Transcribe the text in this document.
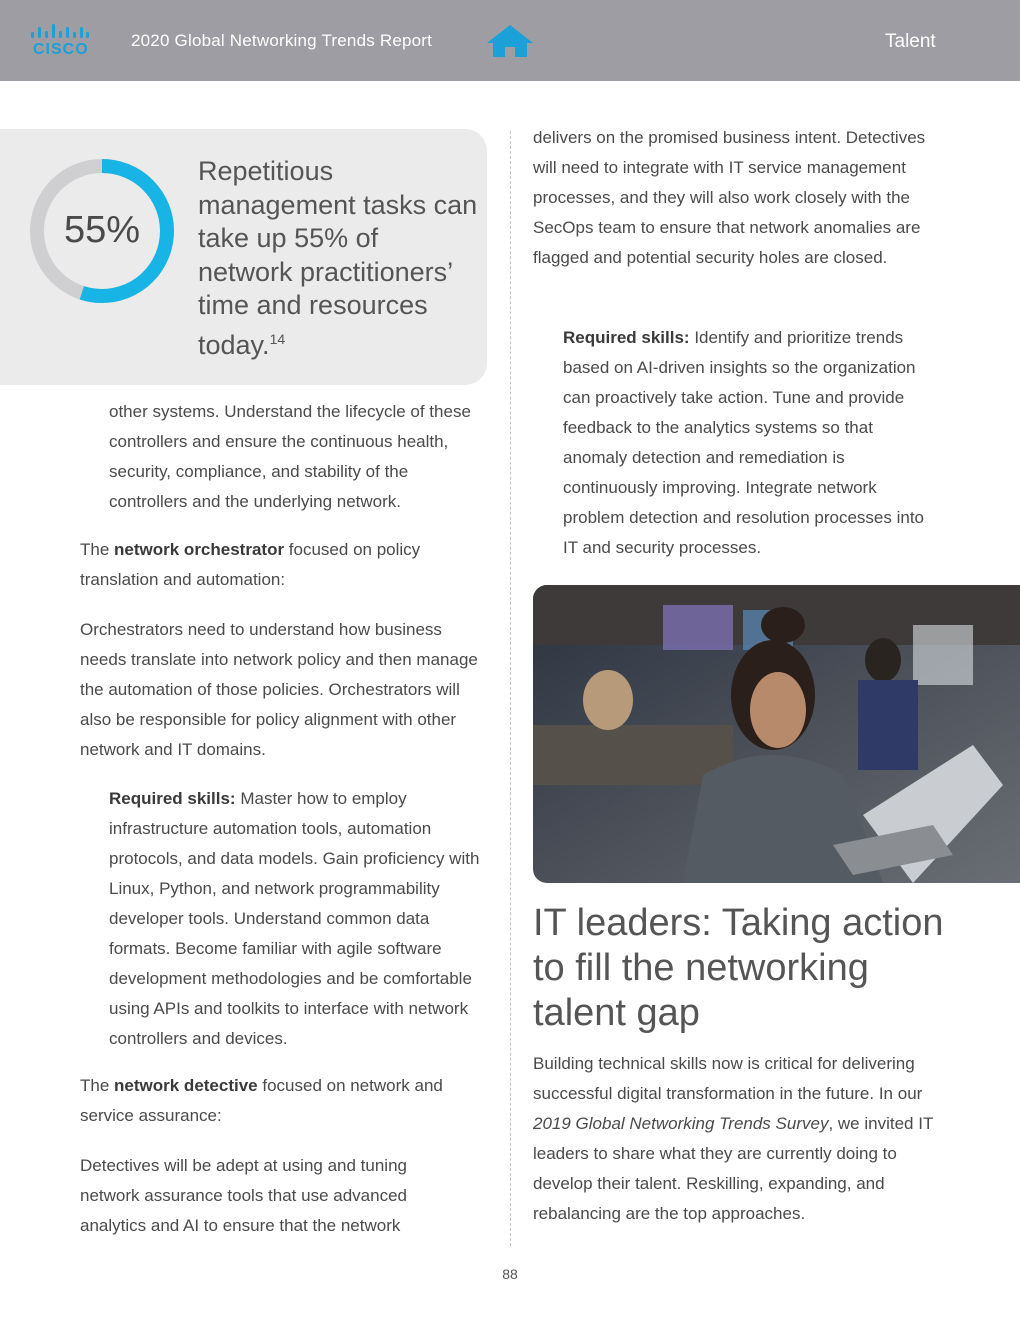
CISCO 2020 Global Networking Trends Report	Talent
55%
Repetitious management tasks can take up 55% of network practitioners’ time and resources today.$^{14}$

other systems. Understand the lifecycle of these controllers and ensure the continuous health, security, compliance, and stability of the controllers and the underlying network.

The network orchestrator focused on policy translation and automation:

Orchestrators need to understand how business needs translate into network policy and then manage the automation of those policies. Orchestrators will also be responsible for policy alignment with other network and IT domains.

Required skills: Master how to employ infrastructure automation tools, automation protocols, and data models. Gain proficiency with Linux, Python, and network programmability developer tools. Understand common data formats. Become familiar with agile software development methodologies and be comfortable using APIs and toolkits to interface with network controllers and devices.

The network detective focused on network and service assurance:

Detectives will be adept at using and tuning network assurance tools that use advanced analytics and AI to ensure that the network

delivers on the promised business intent. Detectives will need to integrate with IT service management processes, and they will also work closely with the SecOps team to ensure that network anomalies are flagged and potential security holes are closed.

Required skills: Identify and prioritize trends based on AI-driven insights so the organization can proactively take action. Tune and provide feedback to the analytics systems so that anomaly detection and remediation is continuously improving. Integrate network problem detection and resolution processes into IT and security processes.

IT leaders: Taking action to fill the networking talent gap

Building technical skills now is critical for delivering successful digital transformation in the future. In our 2019 Global Networking Trends Survey, we invited IT leaders to share what they are currently doing to develop their talent. Reskilling, expanding, and rebalancing are the top approaches.

88
